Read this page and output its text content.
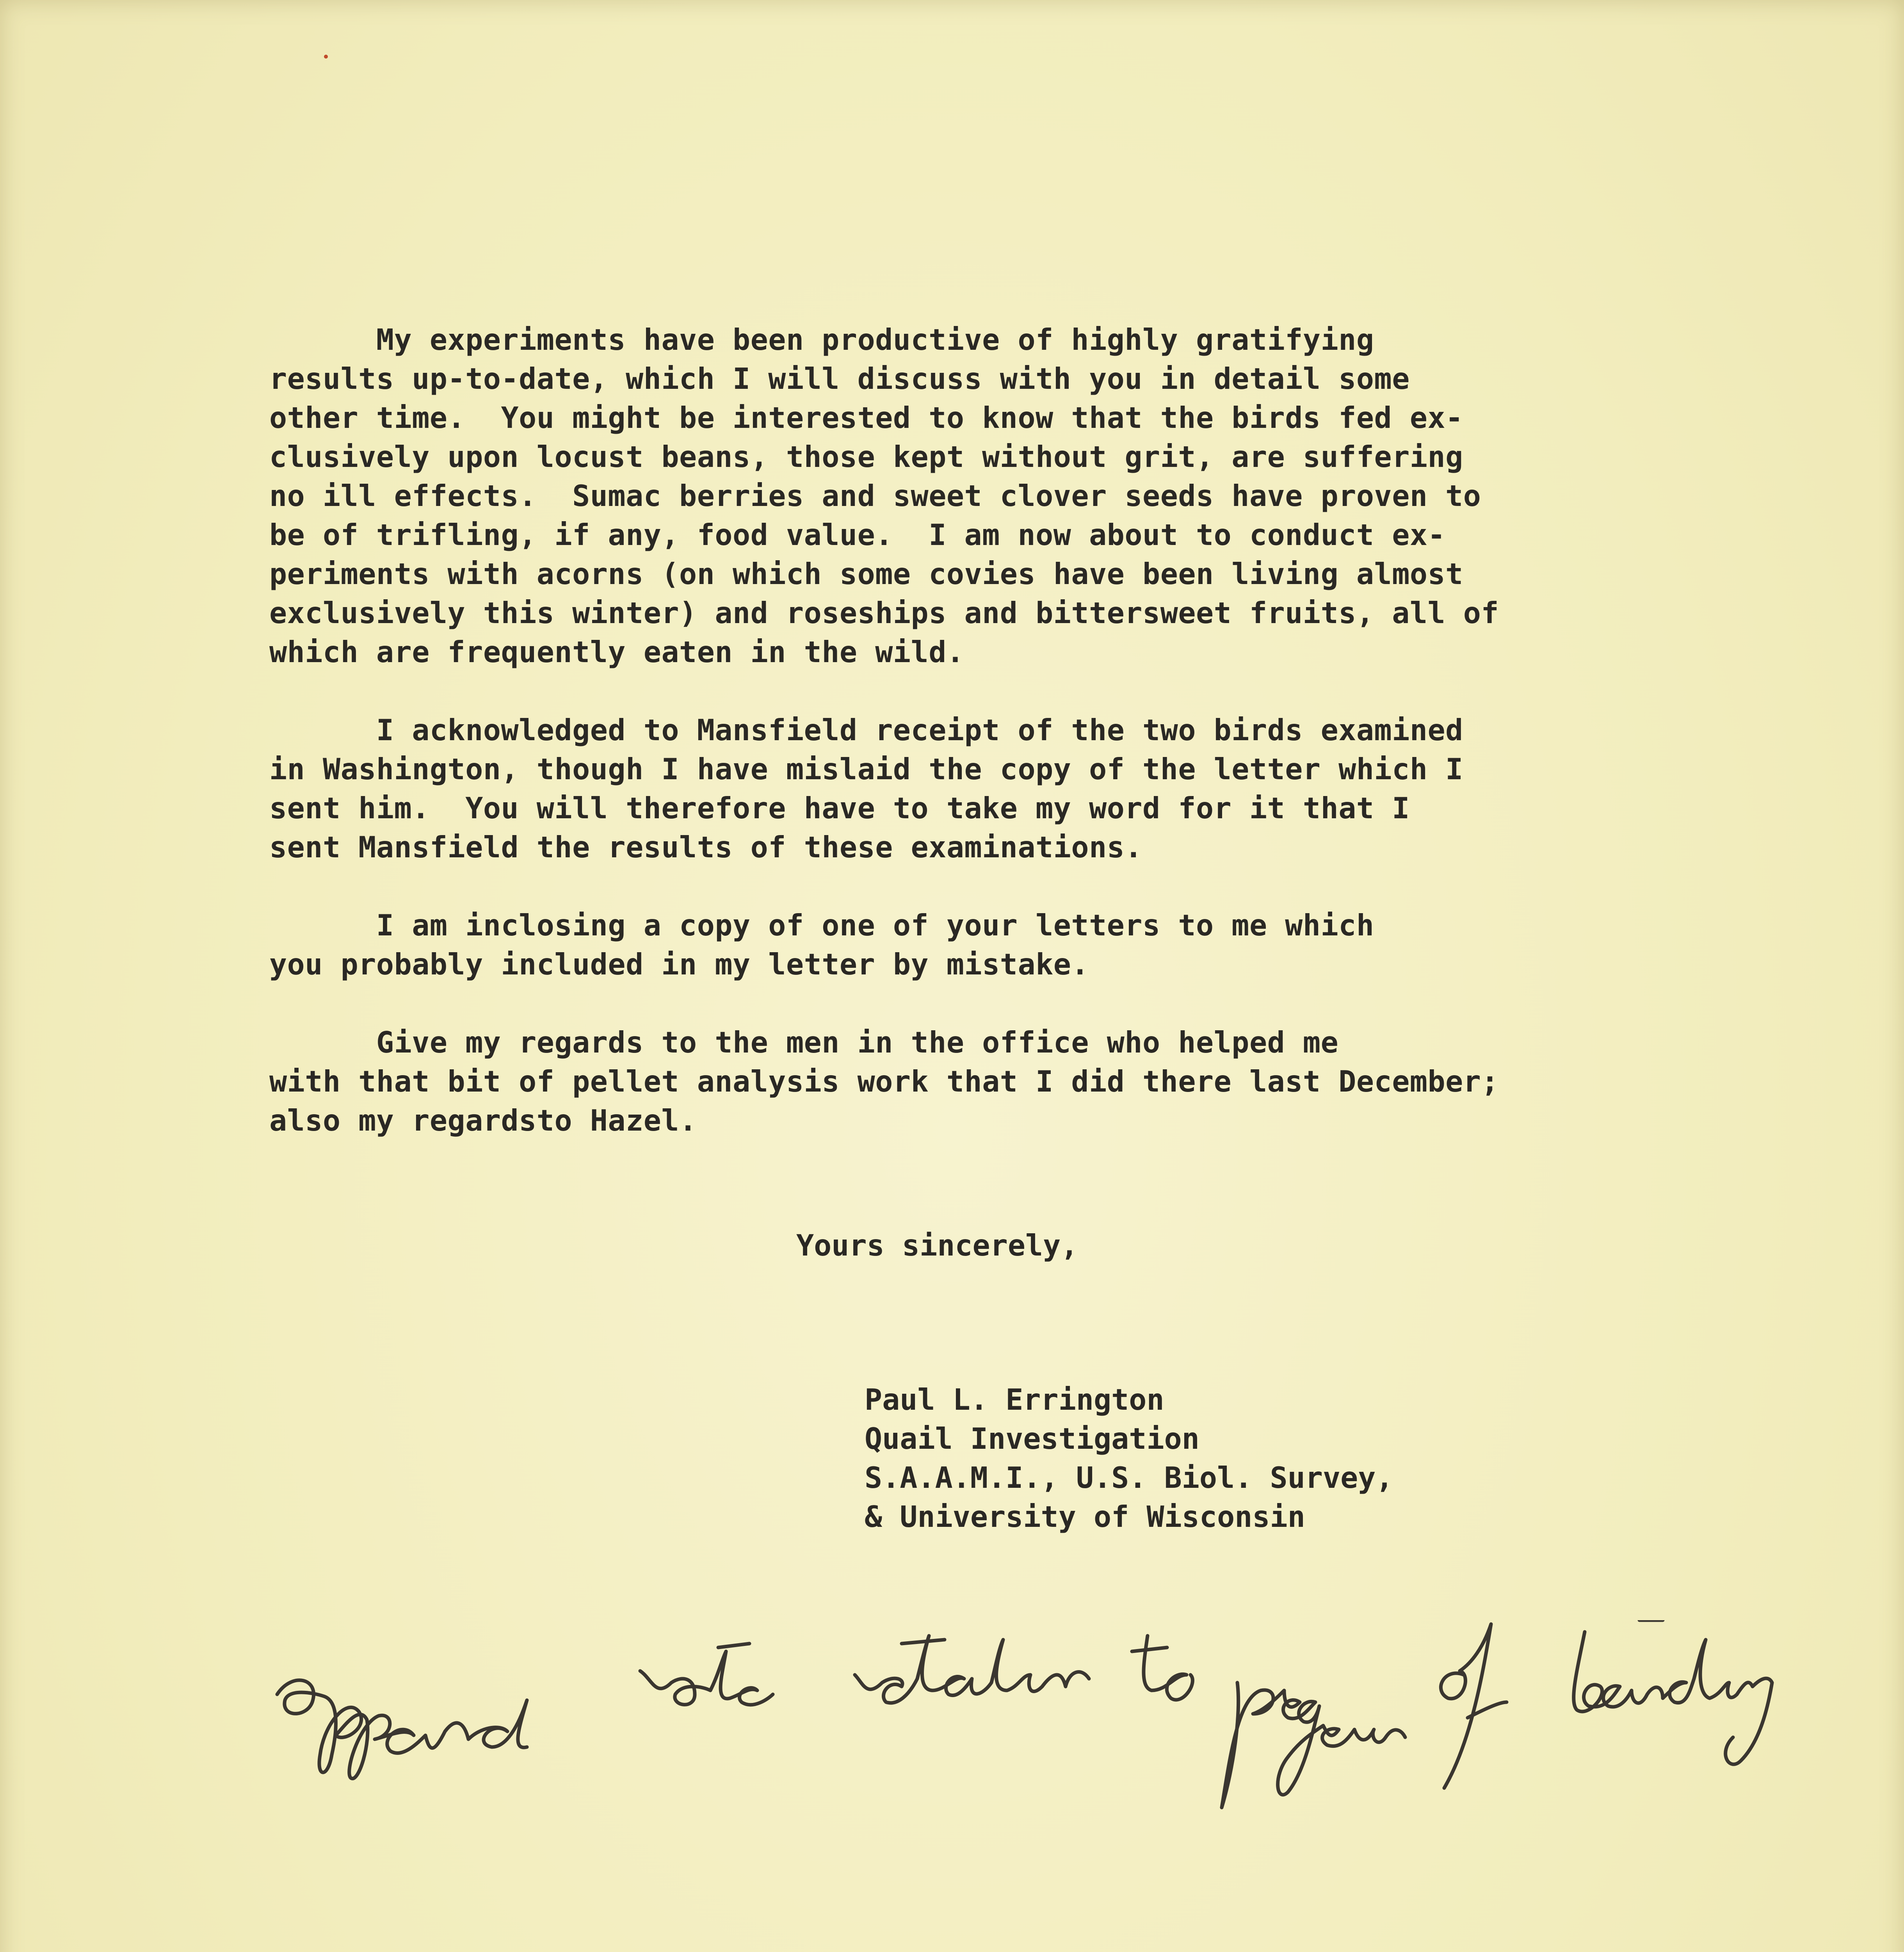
My experiments have been productive of highly gratifying
results up-to-date, which I will discuss with you in detail some
other time.  You might be interested to know that the birds fed ex-
clusively upon locust beans, those kept without grit, are suffering
no ill effects.  Sumac berries and sweet clover seeds have proven to
be of trifling, if any, food value.  I am now about to conduct ex-
periments with acorns (on which some covies have been living almost
exclusively this winter) and roseships and bittersweet fruits, all of
which are frequently eaten in the wild.

I acknowledged to Mansfield receipt of the two birds examined
in Washington, though I have mislaid the copy of the letter which I
sent him.  You will therefore have to take my word for it that I
sent Mansfield the results of these examinations.

I am inclosing a copy of one of your letters to me which
you probably included in my letter by mistake.

Give my regards to the men in the office who helped me
with that bit of pellet analysis work that I did there last December;
also my regardsto Hazel.

Yours sincerely,
Paul L. Errington
Quail Investigation
S.A.A.M.I., U.S. Biol. Survey,
& University of Wisconsin
